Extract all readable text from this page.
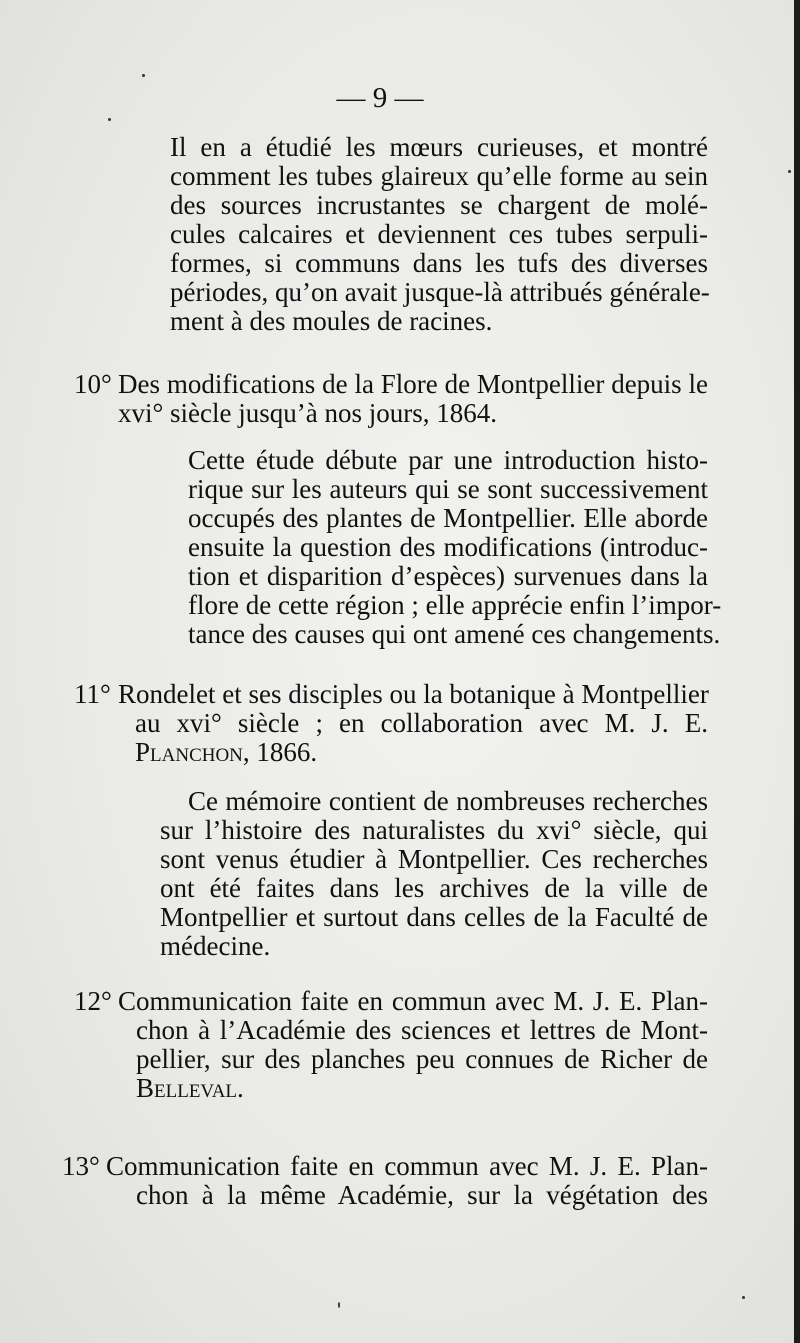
— 9 —
Il en a étudié les mœurs curieuses, et montré
comment les tubes glaireux qu’elle forme au sein
des sources incrustantes se chargent de molé-
cules calcaires et deviennent ces tubes serpuli-
formes, si communs dans les tufs des diverses
périodes, qu’on avait jusque-là attribués générale-
ment à des moules de racines.
10° Des modifications de la Flore de Montpellier depuis le
xvi° siècle jusqu’à nos jours, 1864.
Cette étude débute par une introduction histo-
rique sur les auteurs qui se sont successivement
occupés des plantes de Montpellier. Elle aborde
ensuite la question des modifications (introduc-
tion et disparition d’espèces) survenues dans la
flore de cette région ; elle apprécie enfin l’impor-
tance des causes qui ont amené ces changements.
11° Rondelet et ses disciples ou la botanique à Montpellier
au xvi° siècle ; en collaboration avec M. J. E.
Planchon, 1866.
Ce mémoire contient de nombreuses recherches
sur l’histoire des naturalistes du xvi° siècle, qui
sont venus étudier à Montpellier. Ces recherches
ont été faites dans les archives de la ville de
Montpellier et surtout dans celles de la Faculté de
médecine.
12° Communication faite en commun avec M. J. E. Plan-
chon à l’Académie des sciences et lettres de Mont-
pellier, sur des planches peu connues de Richer de
Belleval.
13° Communication faite en commun avec M. J. E. Plan-
chon à la même Académie, sur la végétation des
